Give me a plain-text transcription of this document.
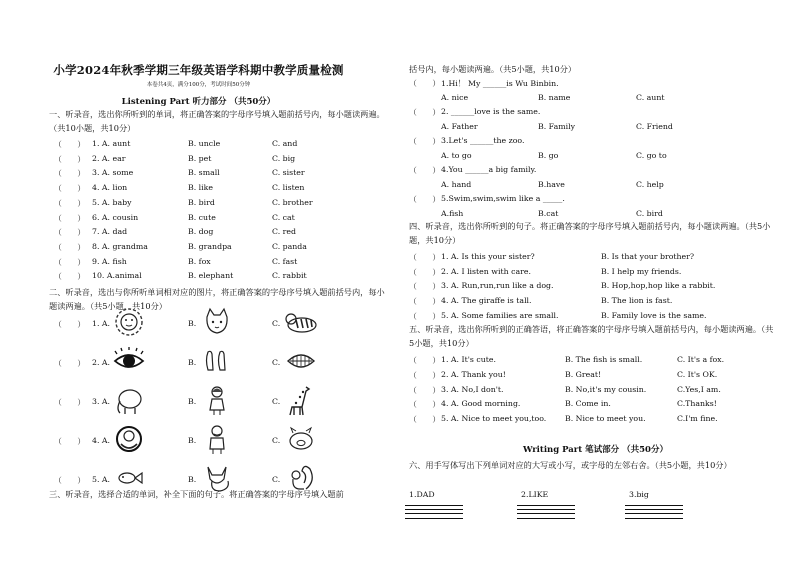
小学2024年秋季学期三年级英语学科期中教学质量检测
本卷共4页，满分100分，考试时间50分钟
Listening Part 听力部分 （共50分）
一、听录音，选出你所听到的单词，将正确答案的字母序号填入题前括号内，每小题读两遍。（共10小题，共10分）
（　　） 1. A. aunt	B. uncle	C. and
（　　） 2. A. ear	B. pet	C. big
（　　） 3. A. some	B. small	C. sister
（　　） 4. A. lion	B. like	C. listen
（　　） 5. A. baby	B. bird	C. brother
（　　） 6. A. cousin	B. cute	C. cat
（　　） 7. A. dad	B. dog	C. red
（　　） 8. A. grandma	B. grandpa	C. panda
（　　） 9. A. fish	B. fox	C. fast
（　　） 10. A.animal	B. elephant	C. rabbit
二、听录音，选出与你所听单词相对应的图片，将正确答案的字母序号填入题前括号内，每小题读两遍。（共5小题，共10分）
（　　） 1. A.	B.	C.
（　　） 2. A.	B.	C.
（　　） 3. A.	B.	C.
（　　） 4. A.	B.	C.
（　　） 5. A.	B.	C.
三、听录音，选择合适的单词，补全下面的句子。将正确答案的字母序号填入题前
括号内，每小题读两遍。（共5小题，共10分）
（　　） 1.Hi！ My ______is Wu Binbin.
A. nice	B. name	C. aunt
（　　） 2. ______love is the same.
A. Father	B. Family	C. Friend
（　　） 3.Let's ______the zoo.
A. to go	B. go	C. go to
（　　） 4.You ______a big family.
A. hand	B.have	C. help
（　　） 5.Swim,swim,swim like a _____.
A.fish	B.cat	C. bird
四、听录音，选出你所听到的句子。将正确答案的字母序号填入题前括号内，每小题读两遍。（共5小题，共10分）
（　　） 1. A. Is this your sister?	B. Is that your brother?
（　　） 2. A. I listen with care.	B. I help my friends.
（　　） 3. A. Run,run,run like a dog.	B. Hop,hop,hop like a rabbit.
（　　） 4. A. The giraffe is tall.	B. The lion is fast.
（　　） 5. A. Some families are small.	B. Family love is the same.
五、听录音，选出你所听到的正确答语，将正确答案的字母序号填入题前括号内，每小题读两遍。（共5小题，共10分）
（　　） 1. A. It's cute.	B. The fish is small.	C. It's a fox.
（　　） 2. A. Thank you!	B. Great!	C. It's OK.
（　　） 3. A. No,I don't.	B. No,it's my cousin.	C.Yes,I am.
（　　） 4. A. Good morning.	B. Come in.	C.Thanks!
（　　） 5. A. Nice to meet you,too. B. Nice to meet you.	C.I'm fine.
Writing Part 笔试部分 （共50分）
六、用手写体写出下列单词对应的大写或小写，或字母的左邻右舍。（共5小题，共10分）
1.DAD	2.LIKE	3.big
